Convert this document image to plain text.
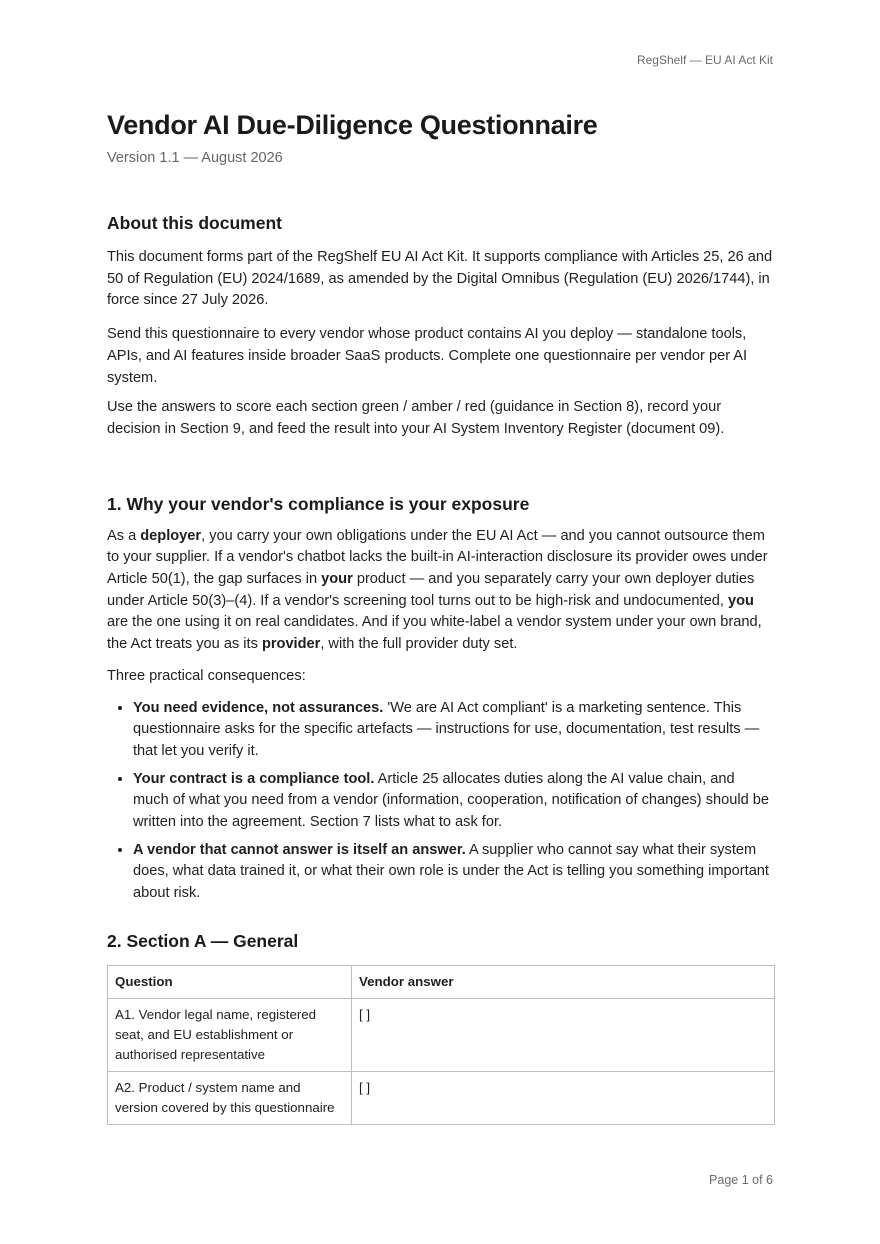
RegShelf — EU AI Act Kit
Vendor AI Due-Diligence Questionnaire
Version 1.1 — August 2026
About this document

This document forms part of the RegShelf EU AI Act Kit. It supports compliance with Articles 25, 26 and 50 of Regulation (EU) 2024/1689, as amended by the Digital Omnibus (Regulation (EU) 2026/1744), in force since 27 July 2026.

Send this questionnaire to every vendor whose product contains AI you deploy — standalone tools, APIs, and AI features inside broader SaaS products. Complete one questionnaire per vendor per AI system.

Use the answers to score each section green / amber / red (guidance in Section 8), record your decision in Section 9, and feed the result into your AI System Inventory Register (document 09).

1. Why your vendor's compliance is your exposure

As a deployer, you carry your own obligations under the EU AI Act — and you cannot outsource them to your supplier. If a vendor's chatbot lacks the built-in AI-interaction disclosure its provider owes under Article 50(1), the gap surfaces in your product — and you separately carry your own deployer duties under Article 50(3)–(4). If a vendor's screening tool turns out to be high-risk and undocumented, you are the one using it on real candidates. And if you white-label a vendor system under your own brand, the Act treats you as its provider, with the full provider duty set.

Three practical consequences:

• You need evidence, not assurances. 'We are AI Act compliant' is a marketing sentence. This questionnaire asks for the specific artefacts — instructions for use, documentation, test results — that let you verify it.
• Your contract is a compliance tool. Article 25 allocates duties along the AI value chain, and much of what you need from a vendor (information, cooperation, notification of changes) should be written into the agreement. Section 7 lists what to ask for.
• A vendor that cannot answer is itself an answer. A supplier who cannot say what their system does, what data trained it, or what their own role is under the Act is telling you something important about risk.
2. Section A — General
Question	Vendor answer
A1. Vendor legal name, registered seat, and EU establishment or authorised representative	[ ]
A2. Product / system name and version covered by this questionnaire	[ ]
Page 1 of 6
